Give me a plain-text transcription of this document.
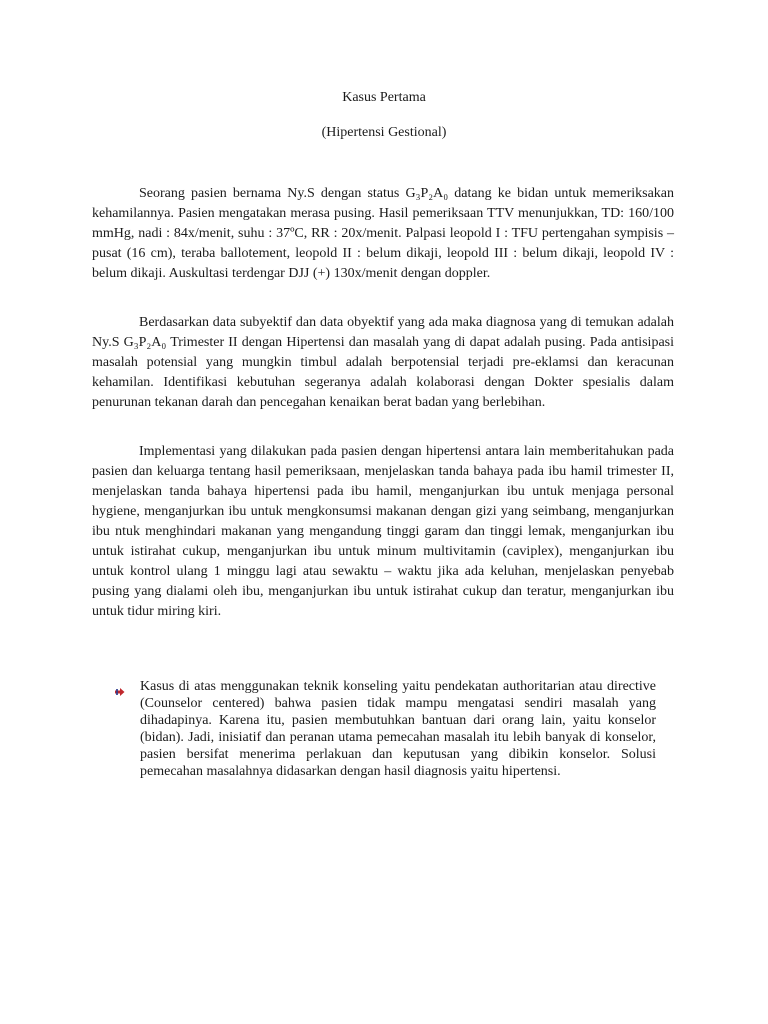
Kasus Pertama
(Hipertensi Gestional)

Seorang pasien bernama Ny.S dengan status G₃P₂A₀ datang ke bidan untuk memeriksakan kehamilannya. Pasien mengatakan merasa pusing. Hasil pemeriksaan TTV menunjukkan, TD: 160/100 mmHg, nadi : 84x/menit, suhu : 37ºC, RR : 20x/menit. Palpasi leopold I : TFU pertengahan sympisis – pusat (16 cm), teraba ballotement, leopold II : belum dikaji, leopold III : belum dikaji, leopold IV : belum dikaji. Auskultasi terdengar DJJ (+) 130x/menit dengan doppler.

Berdasarkan data subyektif dan data obyektif yang ada maka diagnosa yang di temukan adalah Ny.S G₃P₂A₀ Trimester II dengan Hipertensi dan masalah yang di dapat adalah pusing. Pada antisipasi masalah potensial yang mungkin timbul adalah berpotensial terjadi pre-eklamsi dan keracunan kehamilan. Identifikasi kebutuhan segeranya adalah kolaborasi dengan Dokter spesialis dalam penurunan tekanan darah dan pencegahan kenaikan berat badan yang berlebihan.

Implementasi yang dilakukan pada pasien dengan hipertensi antara lain memberitahukan pada pasien dan keluarga tentang hasil pemeriksaan, menjelaskan tanda bahaya pada ibu hamil trimester II, menjelaskan tanda bahaya hipertensi pada ibu hamil, menganjurkan ibu untuk menjaga personal hygiene, menganjurkan ibu untuk mengkonsumsi makanan dengan gizi yang seimbang, menganjurkan ibu ntuk menghindari makanan yang mengandung tinggi garam dan tinggi lemak, menganjurkan ibu untuk istirahat cukup, menganjurkan ibu untuk minum multivitamin (caviplex), menganjurkan ibu untuk kontrol ulang 1 minggu lagi atau sewaktu – waktu jika ada keluhan, menjelaskan penyebab pusing yang dialami oleh ibu, menganjurkan ibu untuk istirahat cukup dan teratur, menganjurkan ibu untuk tidur miring kiri.

Kasus di atas menggunakan teknik konseling yaitu pendekatan authoritarian atau directive (Counselor centered) bahwa pasien tidak mampu mengatasi sendiri masalah yang dihadapinya. Karena itu, pasien membutuhkan bantuan dari orang lain, yaitu konselor (bidan). Jadi, inisiatif dan peranan utama pemecahan masalah itu lebih banyak di konselor, pasien bersifat menerima perlakuan dan keputusan yang dibikin konselor. Solusi pemecahan masalahnya didasarkan dengan hasil diagnosis yaitu hipertensi.
